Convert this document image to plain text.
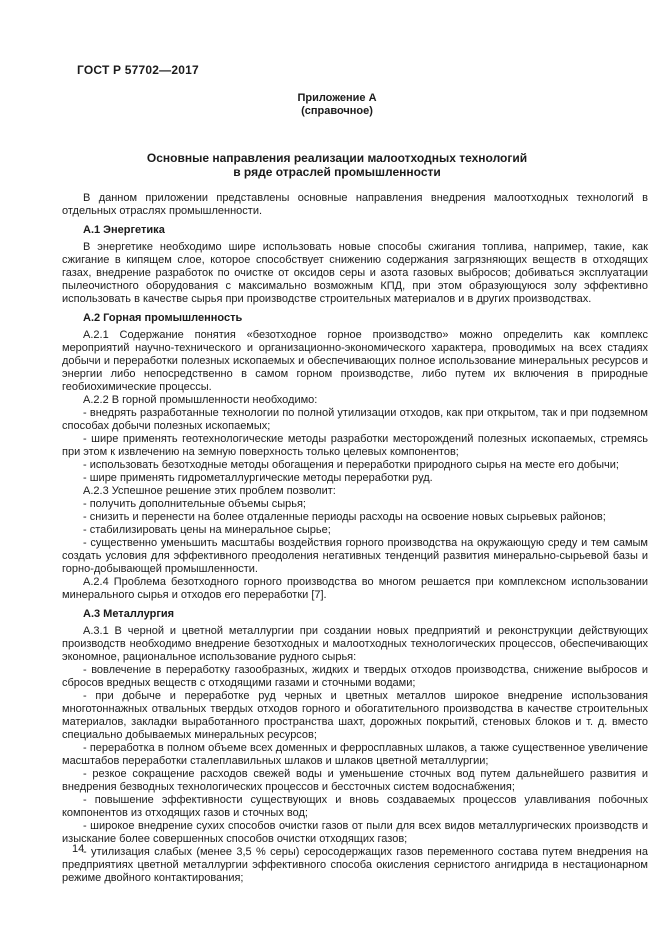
ГОСТ Р 57702—2017
Приложение А
(справочное)
Основные направления реализации малоотходных технологий
в ряде отраслей промышленности
В данном приложении представлены основные направления внедрения малоотходных технологий в отдельных отраслях промышленности.
А.1 Энергетика
В энергетике необходимо шире использовать новые способы сжигания топлива, например, такие, как сжигание в кипящем слое, которое способствует снижению содержания загрязняющих веществ в отходящих газах, внедрение разработок по очистке от оксидов серы и азота газовых выбросов; добиваться эксплуатации пылеочистного оборудования с максимально возможным КПД, при этом образующуюся золу эффективно использовать в качестве сырья при производстве строительных материалов и в других производствах.
А.2 Горная промышленность
А.2.1 Содержание понятия «безотходное горное производство» можно определить как комплекс мероприятий научно-технического и организационно-экономического характера, проводимых на всех стадиях добычи и переработки полезных ископаемых и обеспечивающих полное использование минеральных ресурсов и энергии либо непосредственно в самом горном производстве, либо путем их включения в природные геобиохимические процессы.
А.2.2 В горной промышленности необходимо:
- внедрять разработанные технологии по полной утилизации отходов, как при открытом, так и при подземном способах добычи полезных ископаемых;
- шире применять геотехнологические методы разработки месторождений полезных ископаемых, стремясь при этом к извлечению на земную поверхность только целевых компонентов;
- использовать безотходные методы обогащения и переработки природного сырья на месте его добычи;
- шире применять гидрометаллургические методы переработки руд.
А.2.3 Успешное решение этих проблем позволит:
- получить дополнительные объемы сырья;
- снизить и перенести на более отдаленные периоды расходы на освоение новых сырьевых районов;
- стабилизировать цены на минеральное сырье;
- существенно уменьшить масштабы воздействия горного производства на окружающую среду и тем самым создать условия для эффективного преодоления негативных тенденций развития минерально-сырьевой базы и горно-добывающей промышленности.
А.2.4 Проблема безотходного горного производства во многом решается при комплексном использовании минерального сырья и отходов его переработки [7].
А.3 Металлургия
А.3.1 В черной и цветной металлургии при создании новых предприятий и реконструкции действующих производств необходимо внедрение безотходных и малоотходных технологических процессов, обеспечивающих экономное, рациональное использование рудного сырья:
- вовлечение в переработку газообразных, жидких и твердых отходов производства, снижение выбросов и сбросов вредных веществ с отходящими газами и сточными водами;
- при добыче и переработке руд черных и цветных металлов широкое внедрение использования многотоннажных отвальных твердых отходов горного и обогатительного производства в качестве строительных материалов, закладки выработанного пространства шахт, дорожных покрытий, стеновых блоков и т. д. вместо специально добываемых минеральных ресурсов;
- переработка в полном объеме всех доменных и ферросплавных шлаков, а также существенное увеличение масштабов переработки сталеплавильных шлаков и шлаков цветной металлургии;
- резкое сокращение расходов свежей воды и уменьшение сточных вод путем дальнейшего развития и внедрения безводных технологических процессов и бессточных систем водоснабжения;
- повышение эффективности существующих и вновь создаваемых процессов улавливания побочных компонентов из отходящих газов и сточных вод;
- широкое внедрение сухих способов очистки газов от пыли для всех видов металлургических производств и изыскание более совершенных способов очистки отходящих газов;
- утилизация слабых (менее 3,5 % серы) серосодержащих газов переменного состава путем внедрения на предприятиях цветной металлургии эффективного способа окисления сернистого ангидрида в нестационарном режиме двойного контактирования;
14
